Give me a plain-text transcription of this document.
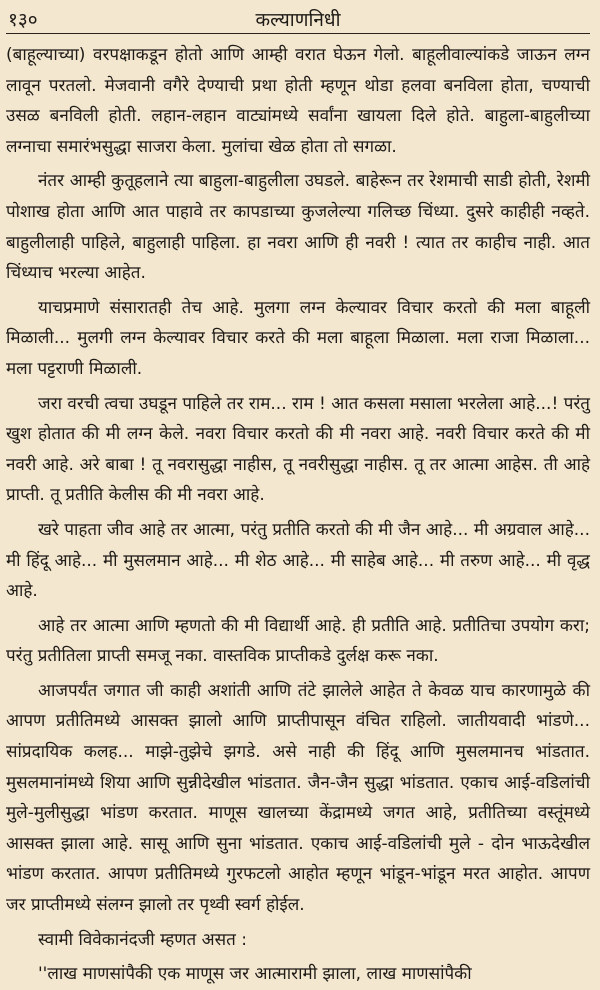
१३०	कल्याणनिधी

(बाहूल्याच्या) वरपक्षाकडून होतो आणि आम्ही वरात घेऊन गेलो. बाहूलीवाल्यांकडे जाऊन लग्न लावून परतलो. मेजवानी वगैरे देण्याची प्रथा होती म्हणून थोडा हलवा बनविला होता, चण्याची उसळ बनविली होती. लहान-लहान वाट्यांमध्ये सर्वांना खायला दिले होते. बाहुला-बाहुलीच्या लग्नाचा समारंभसुद्धा साजरा केला. मुलांचा खेळ होता तो सगळा.

नंतर आम्ही कुतूहलाने त्या बाहुला-बाहुलीला उघडले. बाहेरून तर रेशमाची साडी होती, रेशमी पोशाख होता आणि आत पाहावे तर कापडाच्या कुजलेल्या गलिच्छ चिंध्या. दुसरे काहीही नव्हते. बाहुलीलाही पाहिले, बाहुलाही पाहिला. हा नवरा आणि ही नवरी ! त्यात तर काहीच नाही. आत चिंध्याच भरल्या आहेत.

याचप्रमाणे संसारातही तेच आहे. मुलगा लग्न केल्यावर विचार करतो की मला बाहूली मिळाली... मुलगी लग्न केल्यावर विचार करते की मला बाहूला मिळाला. मला राजा मिळाला... मला पट्टराणी मिळाली.

जरा वरची त्वचा उघडून पाहिले तर राम... राम ! आत कसला मसाला भरलेला आहे...! परंतु खुश होतात की मी लग्न केले. नवरा विचार करतो की मी नवरा आहे. नवरी विचार करते की मी नवरी आहे. अरे बाबा ! तू नवरासुद्धा नाहीस, तू नवरीसुद्धा नाहीस. तू तर आत्मा आहेस. ती आहे प्राप्ती. तू प्रतीति केलीस की मी नवरा आहे.

खरे पाहता जीव आहे तर आत्मा, परंतु प्रतीति करतो की मी जैन आहे... मी अग्रवाल आहे... मी हिंदू आहे... मी मुसलमान आहे... मी शेठ आहे... मी साहेब आहे... मी तरुण आहे... मी वृद्ध आहे.

आहे तर आत्मा आणि म्हणतो की मी विद्यार्थी आहे. ही प्रतीति आहे. प्रतीतिचा उपयोग करा; परंतु प्रतीतिला प्राप्ती समजू नका. वास्तविक प्राप्तीकडे दुर्लक्ष करू नका.

आजपर्यंत जगात जी काही अशांती आणि तंटे झालेले आहेत ते केवळ याच कारणामुळे की आपण प्रतीतिमध्ये आसक्त झालो आणि प्राप्तीपासून वंचित राहिलो. जातीयवादी भांडणे... सांप्रदायिक कलह... माझे-तुझेचे झगडे. असे नाही की हिंदू आणि मुसलमानच भांडतात. मुसलमानांमध्ये शिया आणि सुन्नीदेखील भांडतात. जैन-जैन सुद्धा भांडतात. एकाच आई-वडिलांची मुले-मुलीसुद्धा भांडण करतात. माणूस खालच्या केंद्रामध्ये जगत आहे, प्रतीतिच्या वस्तूंमध्ये आसक्त झाला आहे. सासू आणि सुना भांडतात. एकाच आई-वडिलांची मुले - दोन भाऊदेखील भांडण करतात. आपण प्रतीतिमध्ये गुरफटलो आहोत म्हणून भांडून-भांडून मरत आहोत. आपण जर प्राप्तीमध्ये संलग्न झालो तर पृथ्वी स्वर्ग होईल.

स्वामी विवेकानंदजी म्हणत असत :

''लाख माणसांपैकी एक माणूस जर आत्मारामी झाला, लाख माणसांपैकी
